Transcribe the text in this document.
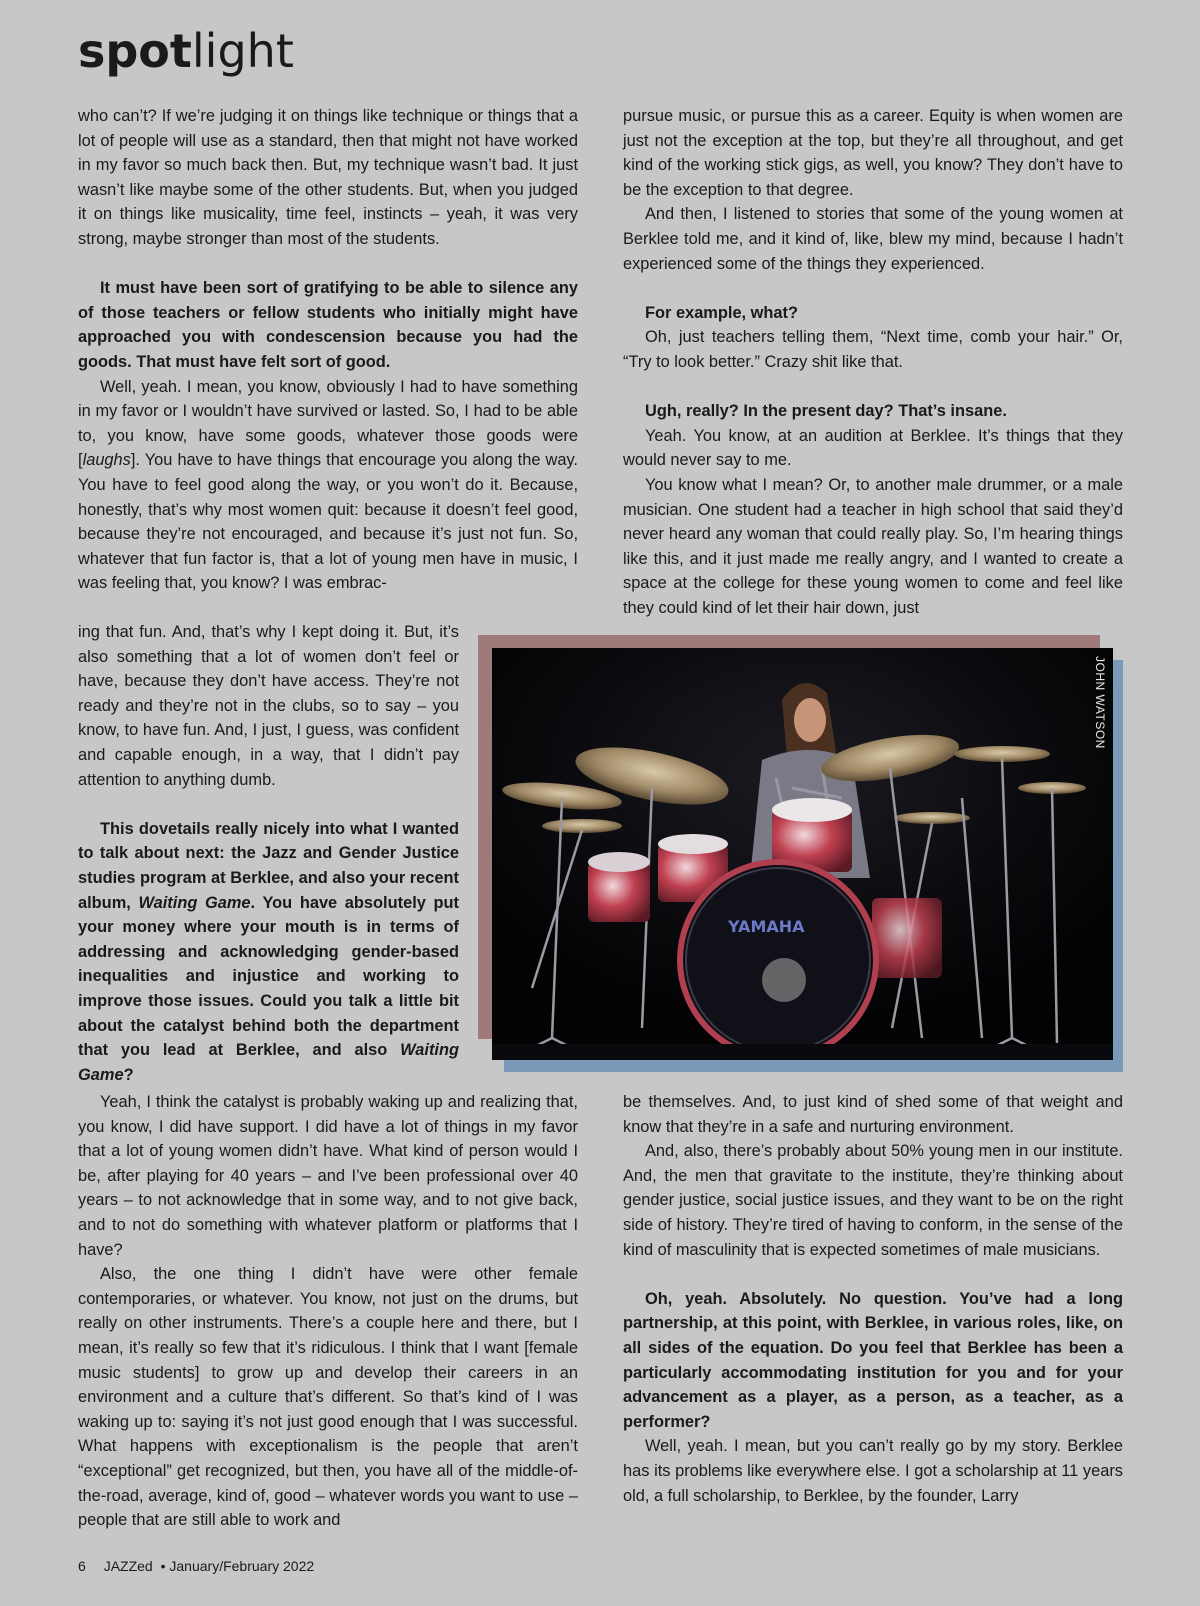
spotlight

who can’t? If we’re judging it on things like technique or things that a lot of people will use as a standard, then that might not have worked in my favor so much back then. But, my technique wasn’t bad. It just wasn’t like maybe some of the other students. But, when you judged it on things like musicality, time feel, instincts – yeah, it was very strong, maybe stronger than most of the students.

It must have been sort of gratifying to be able to silence any of those teachers or fellow students who initially might have approached you with condescension because you had the goods. That must have felt sort of good.

Well, yeah. I mean, you know, obviously I had to have something in my favor or I wouldn’t have survived or lasted. So, I had to be able to, you know, have some goods, whatever those goods were [laughs]. You have to have things that encourage you along the way. You have to feel good along the way, or you won’t do it. Because, honestly, that’s why most women quit: because it doesn’t feel good, because they’re not encouraged, and because it’s just not fun. So, whatever that fun factor is, that a lot of young men have in music, I was feeling that, you know? I was embrac-

ing that fun. And, that’s why I kept doing it. But, it’s also something that a lot of women don’t feel or have, because they don’t have access. They’re not ready and they’re not in the clubs, so to say – you know, to have fun. And, I just, I guess, was confident and capable enough, in a way, that I didn’t pay attention to anything dumb.

This dovetails really nicely into what I wanted to talk about next: the Jazz and Gender Justice studies program at Berklee, and also your recent album, Waiting Game. You have absolutely put your money where your mouth is in terms of addressing and acknowledging gender-based inequalities and injustice and working to improve those issues. Could you talk a little bit about the catalyst behind both the department that you lead at Berklee, and also Waiting Game?

Yeah, I think the catalyst is probably waking up and realizing that, you know, I did have support. I did have a lot of things in my favor that a lot of young women didn’t have. What kind of person would I be, after playing for 40 years – and I’ve been professional over 40 years – to not acknowledge that in some way, and to not give back, and to not do something with whatever platform or platforms that I have?

Also, the one thing I didn’t have were other female contemporaries, or whatever. You know, not just on the drums, but really on other instruments. There’s a couple here and there, but I mean, it’s really so few that it’s ridiculous. I think that I want [female music students] to grow up and develop their careers in an environment and a culture that’s different. So that’s kind of I was waking up to: saying it’s not just good enough that I was successful. What happens with exceptionalism is the people that aren’t “exceptional” get recognized, but then, you have all of the middle-of-the-road, average, kind of, good – whatever words you want to use – people that are still able to work and

pursue music, or pursue this as a career. Equity is when women are just not the exception at the top, but they’re all throughout, and get kind of the working stick gigs, as well, you know? They don’t have to be the exception to that degree.

And then, I listened to stories that some of the young women at Berklee told me, and it kind of, like, blew my mind, because I hadn’t experienced some of the things they experienced.

For example, what?

Oh, just teachers telling them, “Next time, comb your hair.” Or, “Try to look better.” Crazy shit like that.

Ugh, really? In the present day? That’s insane.

Yeah. You know, at an audition at Berklee. It’s things that they would never say to me.

You know what I mean? Or, to another male drummer, or a male musician. One student had a teacher in high school that said they’d never heard any woman that could really play. So, I’m hearing things like this, and it just made me really angry, and I wanted to create a space at the college for these young women to come and feel like they could kind of let their hair down, just

be themselves. And, to just kind of shed some of that weight and know that they’re in a safe and nurturing environment.

And, also, there’s probably about 50% young men in our institute. And, the men that gravitate to the institute, they’re thinking about gender justice, social justice issues, and they want to be on the right side of history. They’re tired of having to conform, in the sense of the kind of masculinity that is expected sometimes of male musicians.

Oh, yeah. Absolutely. No question. You’ve had a long partnership, at this point, with Berklee, in various roles, like, on all sides of the equation. Do you feel that Berklee has been a particularly accommodating institution for you and for your advancement as a player, as a person, as a teacher, as a performer?

Well, yeah. I mean, but you can’t really go by my story. Berklee has its problems like everywhere else. I got a scholarship at 11 years old, a full scholarship, to Berklee, by the founder, Larry

YAMAHA
JOHN WATSON
6 JAZZed • January/February 2022
